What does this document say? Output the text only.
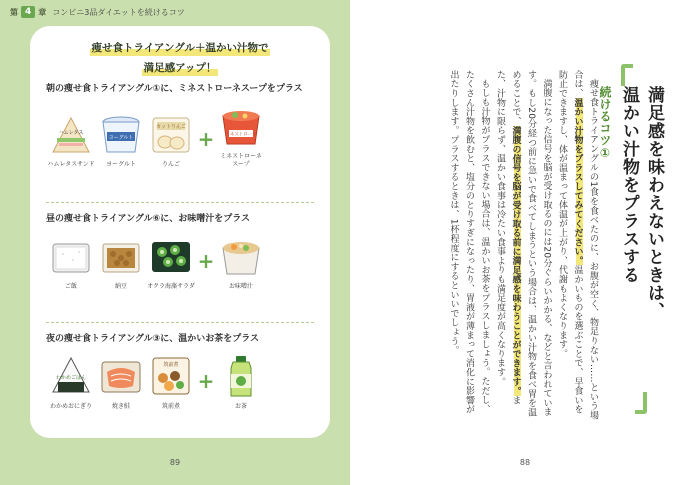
第 4 章 コンビニ3品ダイエットを続けるコツ
痩せ食トライアングル＋温かい汁物で
満足感アップ！
朝の痩せ食トライアングル①に、ミネストローネスープをプラス
ハムレタス
ハムレタスサンド
ヨーグルト
ヨーグルト
カットりんご
りんご
+	ミネストローネ
ミネストローネ
スープ
昼の痩せ食トライアングル⑥に、お味噌汁をプラス
ご飯	納豆	オクラ海藻サラダ
+
お味噌汁
夜の痩せ食トライアングル③に、温かいお茶をプラス
わかめごはん
わかめおにぎり	焼き鮭
筑前煮
筑前煮
+
お茶
89
続けるコツ① 満足感を味わえないときは、
温かい汁物をプラスする

痩せ食トライアングルの1食を食べたのに、お腹が空く、物足りない……という場合は、温かい汁物をプラスしてみてください。温かいものを選ぶことで、早食いを防止できますし、体が温まって体温が上がり、代謝もよくなります。

満腹になった信号を脳が受け取るのには20分ぐらいかかる、などと言われています。もし20分経つ前に急いで食べてしまうという場合は、温かい汁物を食べ胃を温めることで、満腹の信号を脳が受け取る前に満足感を味わうことができます。また、汁物に限らず、温かい食事は冷たい食事よりも満足度が高くなります。

もしも汁物がプラスできない場合は、温かいお茶をプラスしましょう。ただし、たくさん汁物を飲むと、塩分のとりすぎになったり、胃液が薄まって消化に影響が出たりします。プラスするときは、1杯程度にするといいでしょう。

88
